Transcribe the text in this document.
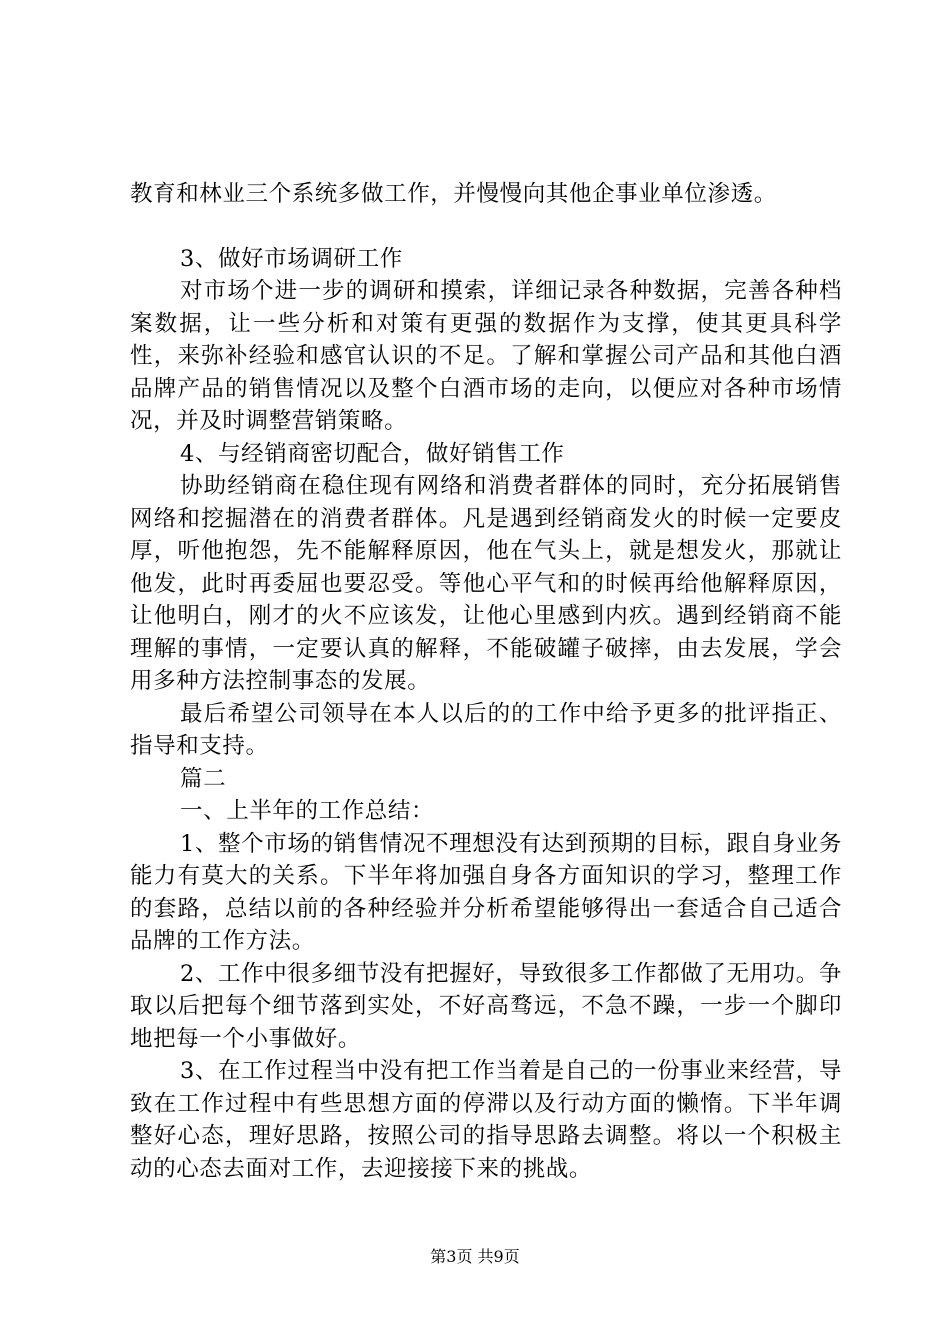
教育和林业三个系统多做工作，并慢慢向其他企事业单位渗透。

3、做好市场调研工作

对市场个进一步的调研和摸索，详细记录各种数据，完善各种档案数据，让一些分析和对策有更强的数据作为支撑，使其更具科学性，来弥补经验和感官认识的不足。了解和掌握公司产品和其他白酒品牌产品的销售情况以及整个白酒市场的走向，以便应对各种市场情况，并及时调整营销策略。

4、与经销商密切配合，做好销售工作

协助经销商在稳住现有网络和消费者群体的同时，充分拓展销售网络和挖掘潜在的消费者群体。凡是遇到经销商发火的时候一定要皮厚，听他抱怨，先不能解释原因，他在气头上，就是想发火，那就让他发，此时再委屈也要忍受。等他心平气和的时候再给他解释原因，让他明白，刚才的火不应该发，让他心里感到内疚。遇到经销商不能理解的事情，一定要认真的解释，不能破罐子破摔，由去发展，学会用多种方法控制事态的发展。

最后希望公司领导在本人以后的的工作中给予更多的批评指正、指导和支持。

篇二

一、上半年的工作总结：

1、整个市场的销售情况不理想没有达到预期的目标，跟自身业务能力有莫大的关系。下半年将加强自身各方面知识的学习，整理工作的套路，总结以前的各种经验并分析希望能够得出一套适合自己适合品牌的工作方法。

2、工作中很多细节没有把握好，导致很多工作都做了无用功。争取以后把每个细节落到实处，不好高骛远，不急不躁，一步一个脚印地把每一个小事做好。

3、在工作过程当中没有把工作当着是自己的一份事业来经营，导致在工作过程中有些思想方面的停滞以及行动方面的懒惰。下半年调整好心态，理好思路，按照公司的指导思路去调整。将以一个积极主动的心态去面对工作，去迎接接下来的挑战。

第3页 共9页
